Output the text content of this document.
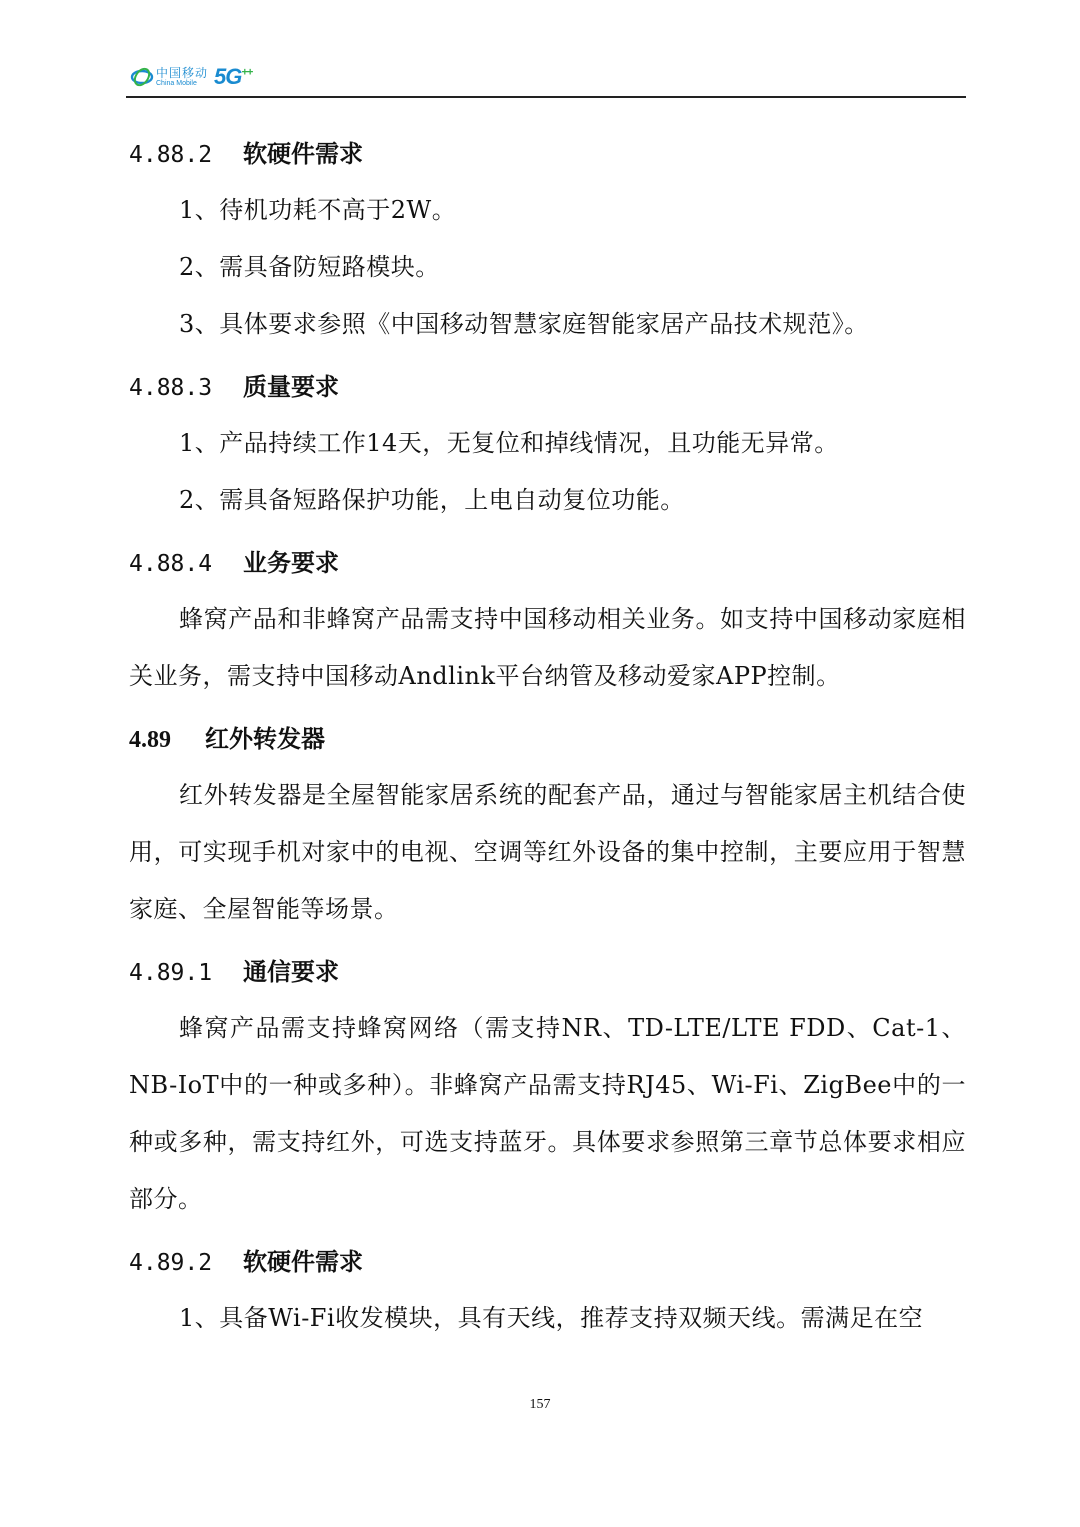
中国移动
China Mobile 5G++
4.88.2 软硬件需求
1、待机功耗不高于2W。
2、需具备防短路模块。
3、具体要求参照《中国移动智慧家庭智能家居产品技术规范》。
4.88.3 质量要求
1、产品持续工作14天，无复位和掉线情况，且功能无异常。
2、需具备短路保护功能，上电自动复位功能。
4.88.4 业务要求
蜂窝产品和非蜂窝产品需支持中国移动相关业务。如支持中国移动家庭相关业务，需支持中国移动Andlink平台纳管及移动爱家APP控制。
4.89 红外转发器
红外转发器是全屋智能家居系统的配套产品，通过与智能家居主机结合使用，可实现手机对家中的电视、空调等红外设备的集中控制，主要应用于智慧家庭、全屋智能等场景。
4.89.1 通信要求
蜂窝产品需支持蜂窝网络（需支持NR、TD-LTE/LTE FDD、Cat-1、NB-IoT中的一种或多种）。非蜂窝产品需支持RJ45、Wi-Fi、ZigBee中的一种或多种，需支持红外，可选支持蓝牙。具体要求参照第三章节总体要求相应部分。
4.89.2 软硬件需求
1、具备Wi-Fi收发模块，具有天线，推荐支持双频天线。需满足在空
157
